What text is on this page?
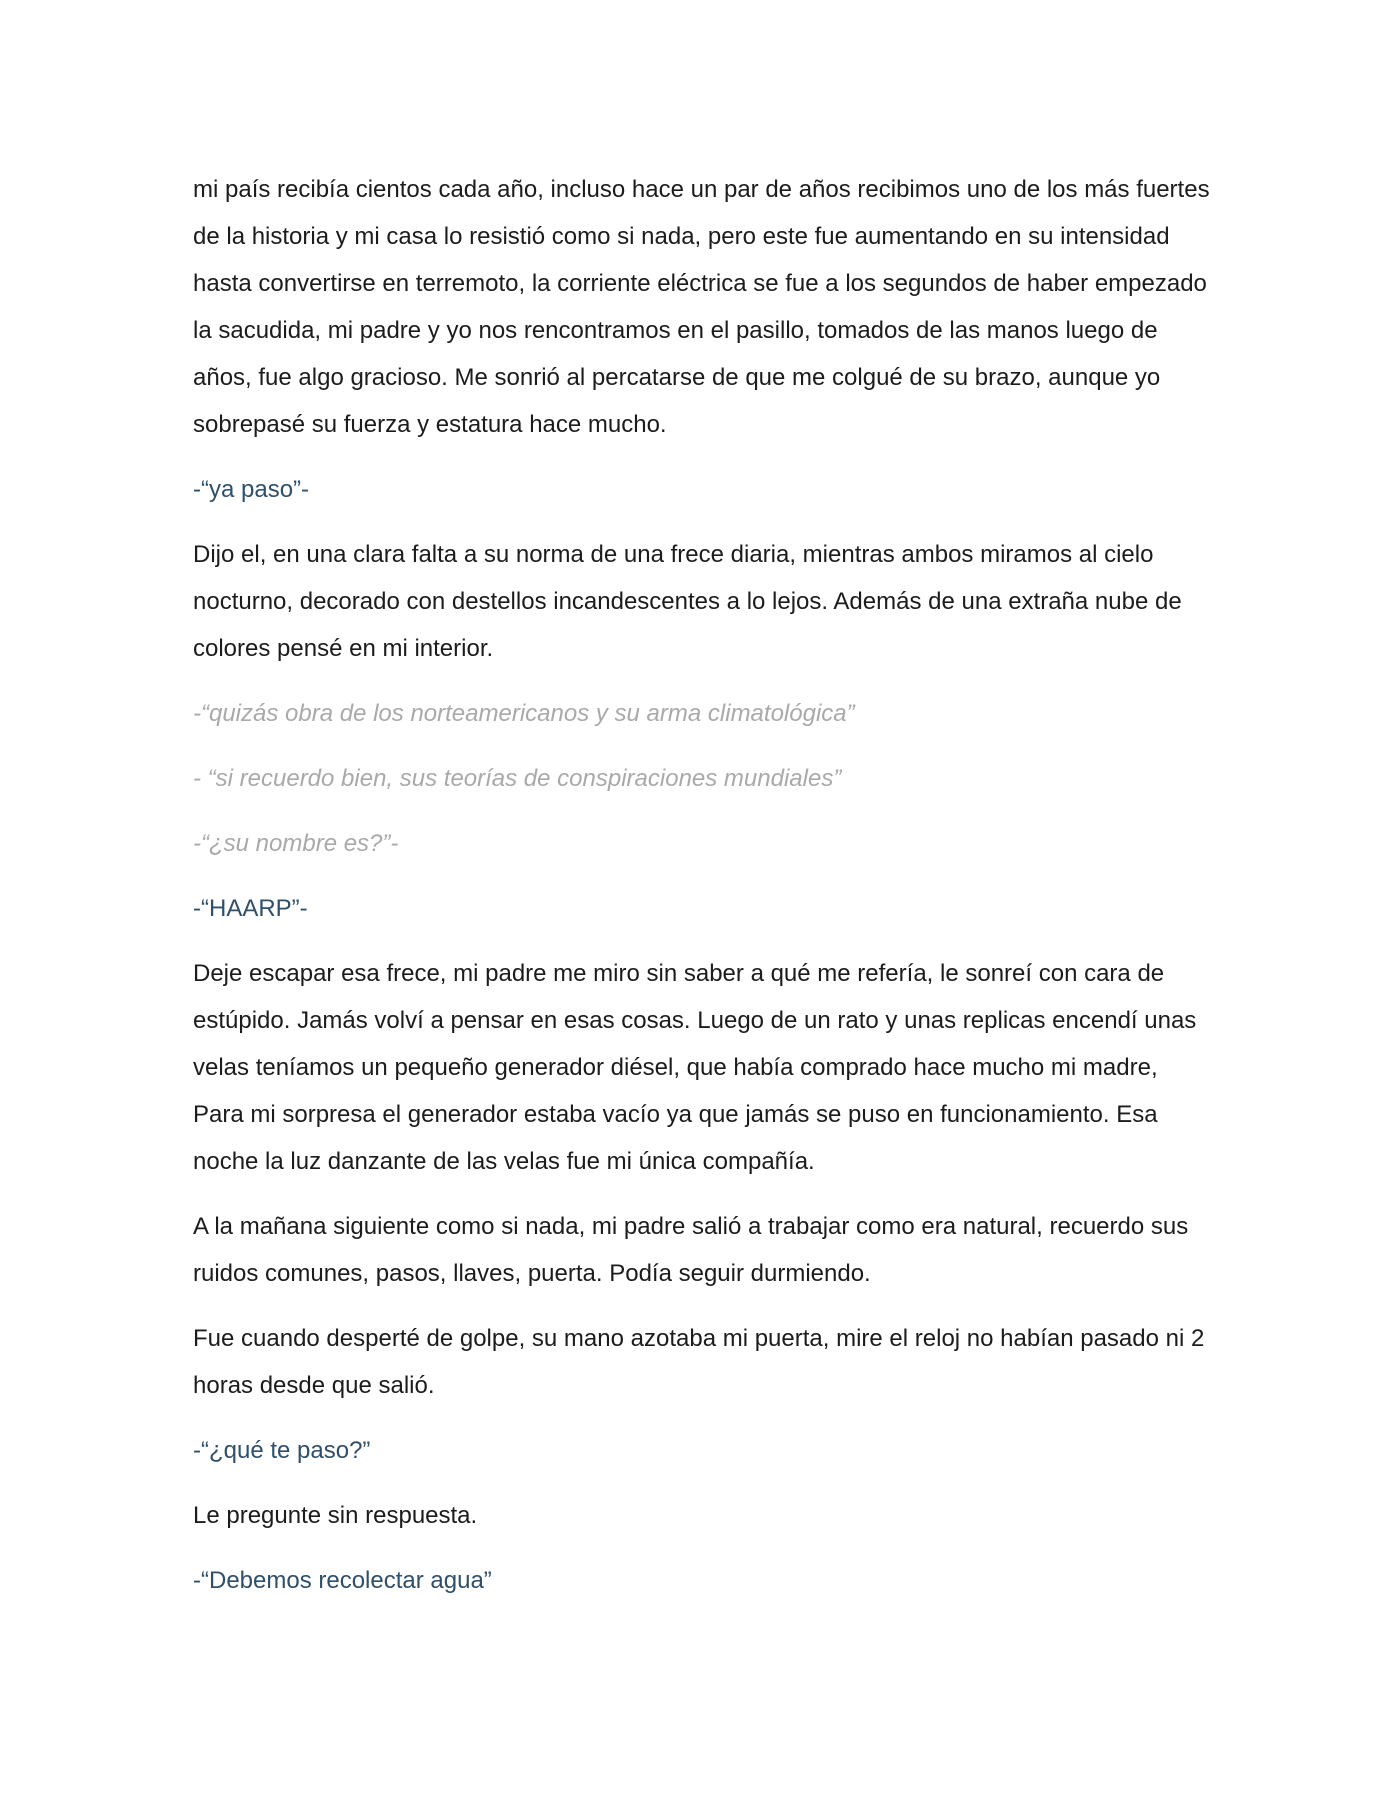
mi país recibía cientos cada año, incluso hace un par de años recibimos uno de los más fuertes de la historia y mi casa lo resistió como si nada, pero este fue aumentando en su intensidad hasta convertirse en terremoto, la corriente eléctrica se fue a los segundos de haber empezado la sacudida, mi padre y yo nos rencontramos en el pasillo, tomados de las manos luego de años, fue algo gracioso. Me sonrió al percatarse de que me colgué de su brazo, aunque yo sobrepasé su fuerza y estatura hace mucho.

-“ya paso”-

Dijo el, en una clara falta a su norma de una frece diaria, mientras ambos miramos al cielo nocturno, decorado con destellos incandescentes a lo lejos. Además de una extraña nube de colores pensé en mi interior.

-“quizás obra de los norteamericanos y su arma climatológica”

- “si recuerdo bien, sus teorías de conspiraciones mundiales”

-“¿su nombre es?”-

-“HAARP”-

Deje escapar esa frece, mi padre me miro sin saber a qué me refería, le sonreí con cara de estúpido. Jamás volví a pensar en esas cosas. Luego de un rato y unas replicas encendí unas velas teníamos un pequeño generador diésel, que había comprado hace mucho mi madre, Para mi sorpresa el generador estaba vacío ya que jamás se puso en funcionamiento. Esa noche la luz danzante de las velas fue mi única compañía.

A la mañana siguiente como si nada, mi padre salió a trabajar como era natural, recuerdo sus ruidos comunes, pasos, llaves, puerta. Podía seguir durmiendo.

Fue cuando desperté de golpe, su mano azotaba mi puerta, mire el reloj no habían pasado ni 2 horas desde que salió.

-“¿qué te paso?”

Le pregunte sin respuesta.

-“Debemos recolectar agua”
